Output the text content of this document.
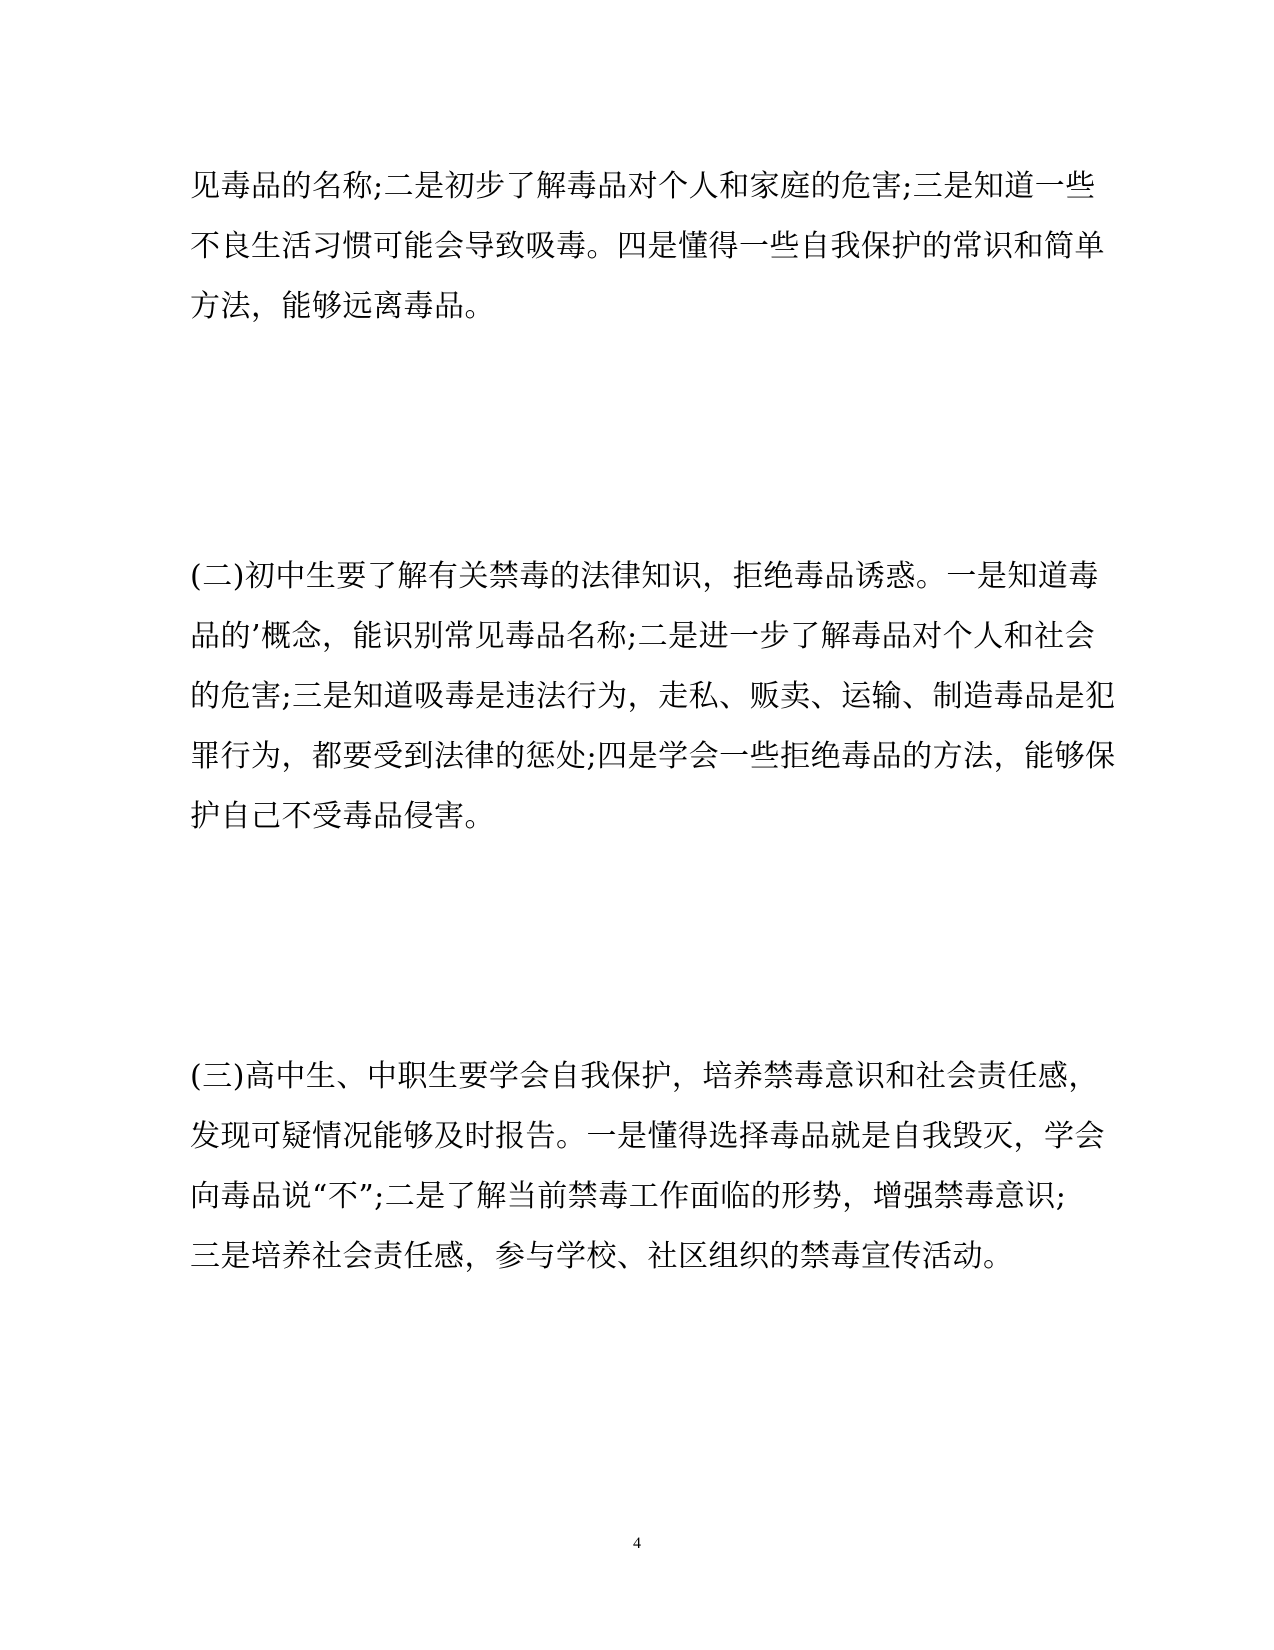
见毒品的名称;二是初步了解毒品对个人和家庭的危害;三是知道一些
不良生活习惯可能会导致吸毒。四是懂得一些自我保护的常识和简单
方法，能够远离毒品。
(二)初中生要了解有关禁毒的法律知识，拒绝毒品诱惑。一是知道毒
品的’概念，能识别常见毒品名称;二是进一步了解毒品对个人和社会
的危害;三是知道吸毒是违法行为，走私、贩卖、运输、制造毒品是犯
罪行为，都要受到法律的惩处;四是学会一些拒绝毒品的方法，能够保
护自己不受毒品侵害。
(三)高中生、中职生要学会自我保护，培养禁毒意识和社会责任感，
发现可疑情况能够及时报告。一是懂得选择毒品就是自我毁灭，学会
向毒品说“不”;二是了解当前禁毒工作面临的形势，增强禁毒意识;
三是培养社会责任感，参与学校、社区组织的禁毒宣传活动。
4
